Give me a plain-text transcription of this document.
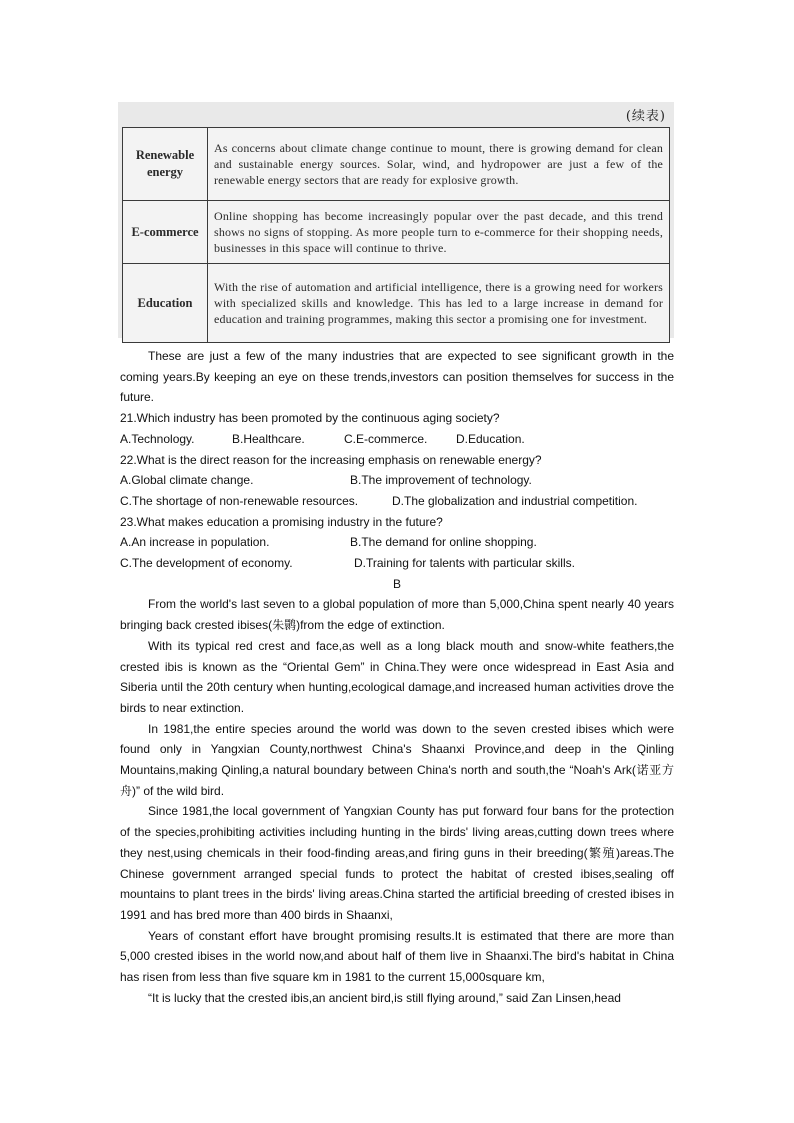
(续表)
Renewable energy	As concerns about climate change continue to mount, there is growing demand for clean and sustainable energy sources. Solar, wind, and hydropower are just a few of the renewable energy sectors that are ready for explosive growth.
E-commerce	Online shopping has become increasingly popular over the past decade, and this trend shows no signs of stopping. As more people turn to e-commerce for their shopping needs, businesses in this space will continue to thrive.
Education	With the rise of automation and artificial intelligence, there is a growing need for workers with specialized skills and knowledge. This has led to a large increase in demand for education and training programmes, making this sector a promising one for investment.

These are just a few of the many industries that are expected to see significant growth in the coming years.By keeping an eye on these trends,investors can position themselves for success in the future.

21.Which industry has been promoted by the continuous aging society?

A.Technology.	B.Healthcare.	C.E-commerce.	D.Education.

22.What is the direct reason for the increasing emphasis on renewable energy?

A.Global climate change.	B.The improvement of technology.
C.The shortage of non-renewable resources.	D.The globalization and industrial competition.

23.What makes education a promising industry in the future?

A.An increase in population.	B.The demand for online shopping.
C.The development of economy.	D.Training for talents with particular skills.

B

From the world's last seven to a global population of more than 5,000,China spent nearly 40 years bringing back crested ibises(朱鹮)from the edge of extinction.

With its typical red crest and face,as well as a long black mouth and snow-white feathers,the crested ibis is known as the “Oriental Gem” in China.They were once widespread in East Asia and Siberia until the 20th century when hunting,ecological damage,and increased human activities drove the birds to near extinction.

In 1981,the entire species around the world was down to the seven crested ibises which were found only in Yangxian County,northwest China's Shaanxi Province,and deep in the Qinling Mountains,making Qinling,a natural boundary between China's north and south,the “Noah's Ark(诺亚方舟)” of the wild bird.

Since 1981,the local government of Yangxian County has put forward four bans for the protection of the species,prohibiting activities including hunting in the birds' living areas,cutting down trees where they nest,using chemicals in their food-finding areas,and firing guns in their breeding(繁殖)areas.The Chinese government arranged special funds to protect the habitat of crested ibises,sealing off mountains to plant trees in the birds' living areas.China started the artificial breeding of crested ibises in 1991 and has bred more than 400 birds in Shaanxi,

Years of constant effort have brought promising results.It is estimated that there are more than 5,000 crested ibises in the world now,and about half of them live in Shaanxi.The bird's habitat in China has risen from less than five square km in 1981 to the current 15,000square km,

“It is lucky that the crested ibis,an ancient bird,is still flying around,” said Zan Linsen,head
